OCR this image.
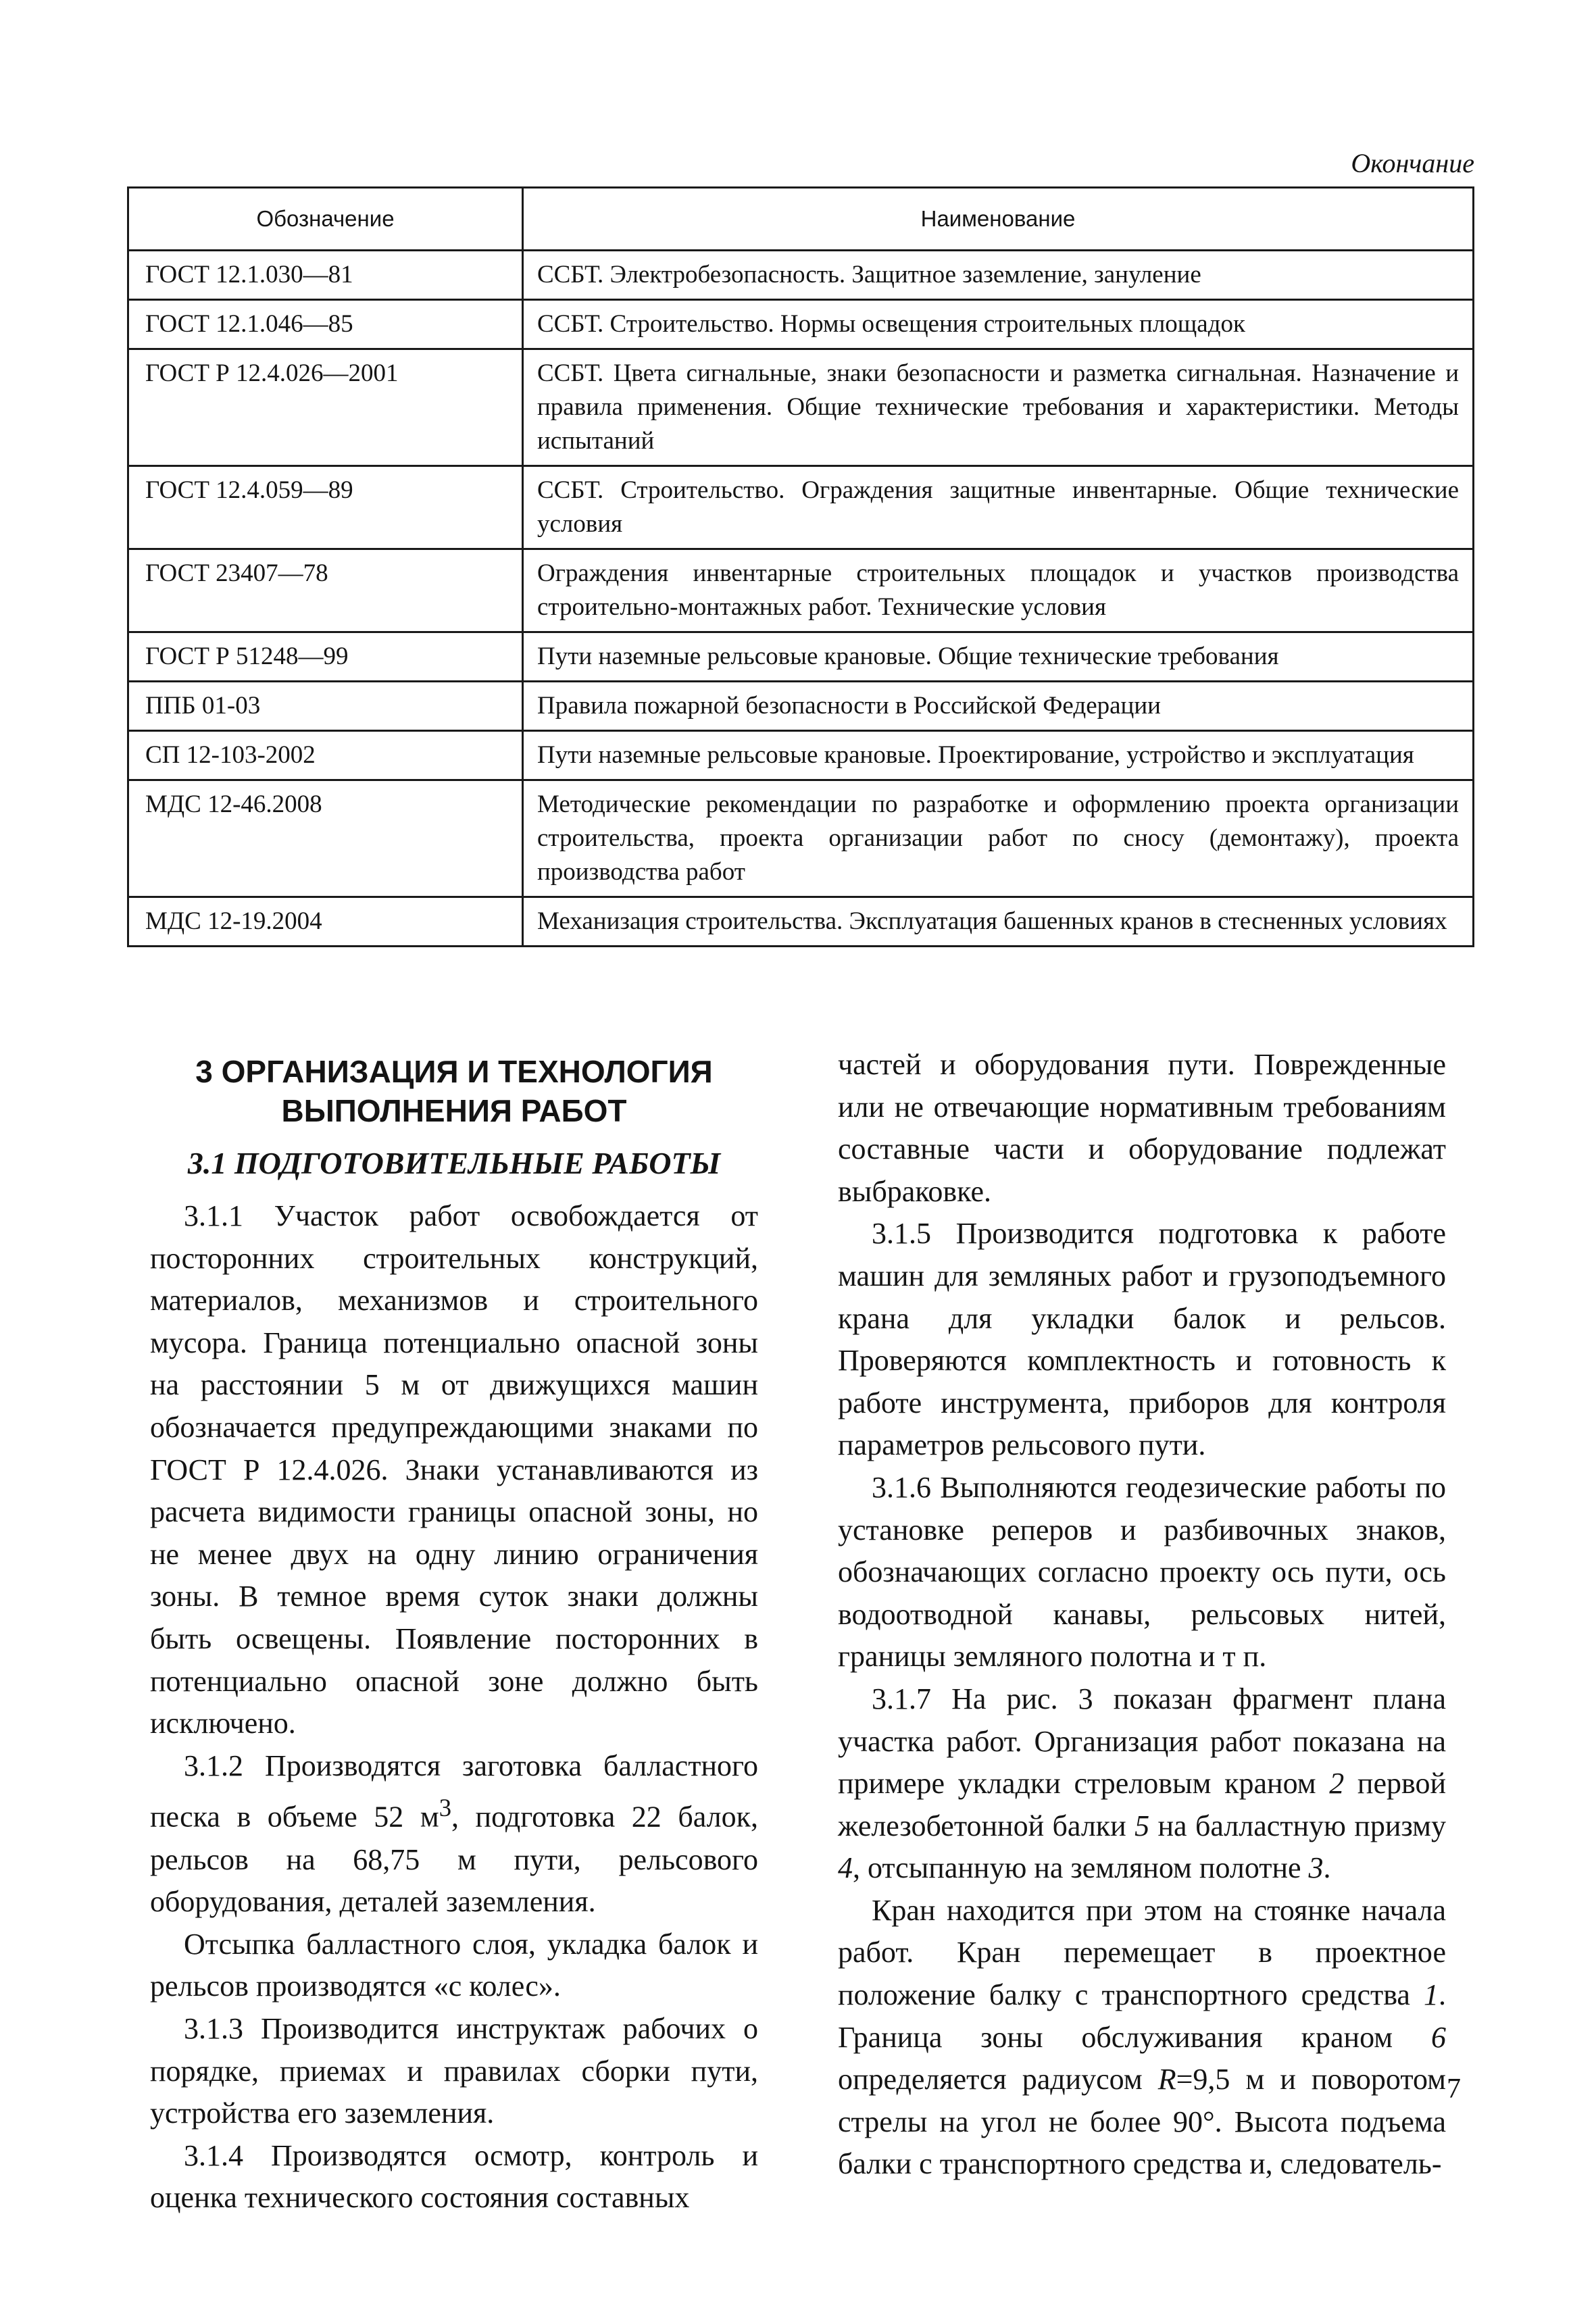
Окончание
Обозначение	Наименование
ГОСТ 12.1.030—81	ССБТ. Электробезопасность. Защитное заземление, зануление
ГОСТ 12.1.046—85	ССБТ. Строительство. Нормы освещения строительных площадок
ГОСТ Р 12.4.026—2001	ССБТ. Цвета сигнальные, знаки безопасности и разметка сигнальная. Назначение и правила применения. Общие технические требования и характеристики. Методы испытаний
ГОСТ 12.4.059—89	ССБТ. Строительство. Ограждения защитные инвентарные. Общие технические условия
ГОСТ 23407—78	Ограждения инвентарные строительных площадок и участков производства строительно-монтажных работ. Технические условия
ГОСТ Р 51248—99	Пути наземные рельсовые крановые. Общие технические требования
ППБ 01-03	Правила пожарной безопасности в Российской Федерации
СП 12-103-2002	Пути наземные рельсовые крановые. Проектирование, устройство и эксплуатация
МДС 12-46.2008	Методические рекомендации по разработке и оформлению проекта организации строительства, проекта организации работ по сносу (демонтажу), проекта производства работ
МДС 12-19.2004	Механизация строительства. Эксплуатация башенных кранов в стесненных условиях
3 ОРГАНИЗАЦИЯ И ТЕХНОЛОГИЯ
ВЫПОЛНЕНИЯ РАБОТ
3.1 ПОДГОТОВИТЕЛЬНЫЕ РАБОТЫ

3.1.1 Участок работ освобождается от посторонних строительных конструкций, материалов, механизмов и строительного мусора. Граница потенциально опасной зоны на расстоянии 5 м от движущихся машин обозначается предупреждающими знаками по ГОСТ Р 12.4.026. Знаки устанавливаются из расчета видимости границы опасной зоны, но не менее двух на одну линию ограничения зоны. В темное время суток знаки должны быть освещены. Появление посторонних в потенциально опасной зоне должно быть исключено.

3.1.2 Производятся заготовка балластного песка в объеме 52 $м^3$, подготовка 22 балок, рельсов на 68,75 м пути, рельсового оборудования, деталей заземления.

Отсыпка балластного слоя, укладка балок и рельсов производятся «с колес».

3.1.3 Производится инструктаж рабочих о порядке, приемах и правилах сборки пути, устройства его заземления.

3.1.4 Производятся осмотр, контроль и оценка технического состояния составных

частей и оборудования пути. Поврежденные или не отвечающие нормативным требованиям составные части и оборудование подлежат выбраковке.

3.1.5 Производится подготовка к работе машин для земляных работ и грузоподъемного крана для укладки балок и рельсов. Проверяются комплектность и готовность к работе инструмента, приборов для контроля параметров рельсового пути.

3.1.6 Выполняются геодезические работы по установке реперов и разбивочных знаков, обозначающих согласно проекту ось пути, ось водоотводной канавы, рельсовых нитей, границы земляного полотна и т п.

3.1.7 На рис. 3 показан фрагмент плана участка работ. Организация работ показана на примере укладки стреловым краном 2 первой железобетонной балки 5 на балластную призму 4, отсыпанную на земляном полотне 3.

Кран находится при этом на стоянке начала работ. Кран перемещает в проектное положение балку с транспортного средства 1. Граница зоны обслуживания краном 6 определяется радиусом R=9,5 м и поворотом стрелы на угол не более 90°. Высота подъема балки с транспортного средства и, следователь-

7
